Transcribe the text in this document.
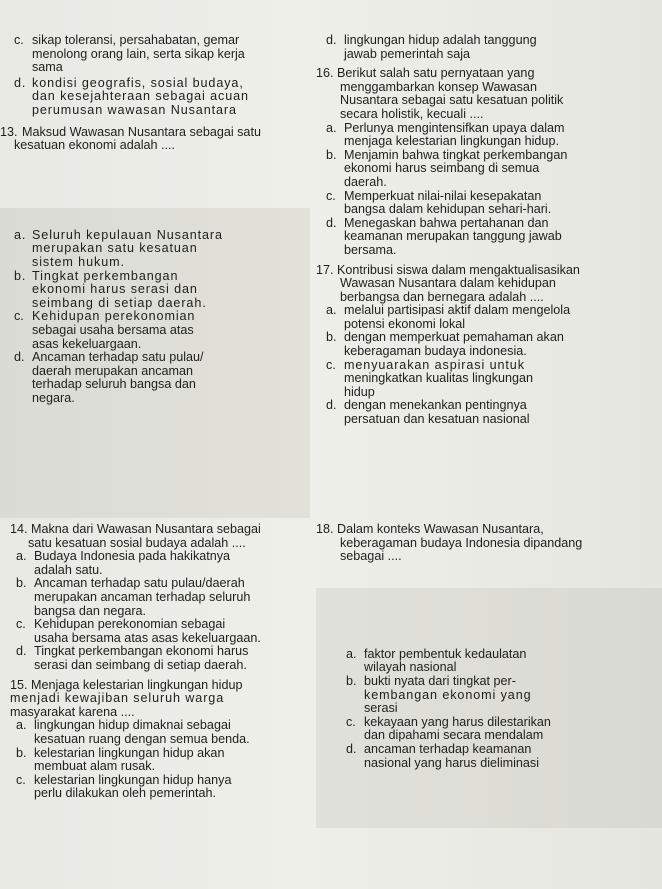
c. sikap toleransi, persahabatan, gemar
menolong orang lain, serta sikap kerja
sama
d. kondisi geografis, sosial budaya,
dan kesejahteraan sebagai acuan
perumusan wawasan Nusantara
13. Maksud Wawasan Nusantara sebagai satu
kesatuan ekonomi adalah ....
a. Seluruh kepulauan Nusantara
merupakan satu kesatuan
sistem hukum.
b. Tingkat perkembangan
ekonomi harus serasi dan
seimbang di setiap daerah.
c. Kehidupan perekonomian
sebagai usaha bersama atas
asas kekeluargaan.
d. Ancaman terhadap satu pulau/
daerah merupakan ancaman
terhadap seluruh bangsa dan
negara.
d. lingkungan hidup adalah tanggung
jawab pemerintah saja
16. Berikut salah satu pernyataan yang
menggambarkan konsep Wawasan
Nusantara sebagai satu kesatuan politik
secara holistik, kecuali ....
a. Perlunya mengintensifkan upaya dalam
menjaga kelestarian lingkungan hidup.
b. Menjamin bahwa tingkat perkembangan
ekonomi harus seimbang di semua
daerah.
c. Memperkuat nilai-nilai kesepakatan
bangsa dalam kehidupan sehari-hari.
d. Menegaskan bahwa pertahanan dan
keamanan merupakan tanggung jawab
bersama.
17. Kontribusi siswa dalam mengaktualisasikan
Wawasan Nusantara dalam kehidupan
berbangsa dan bernegara adalah ....
a. melalui partisipasi aktif dalam mengelola
potensi ekonomi lokal
b. dengan memperkuat pemahaman akan
keberagaman budaya indonesia.
c. menyuarakan aspirasi untuk
meningkatkan kualitas lingkungan
hidup
d. dengan menekankan pentingnya
persatuan dan kesatuan nasional
14. Makna dari Wawasan Nusantara sebagai
satu kesatuan sosial budaya adalah ....
a. Budaya Indonesia pada hakikatnya
adalah satu.
b. Ancaman terhadap satu pulau/daerah
merupakan ancaman terhadap seluruh
bangsa dan negara.
c. Kehidupan perekonomian sebagai
usaha bersama atas asas kekeluargaan.
d. Tingkat perkembangan ekonomi harus
serasi dan seimbang di setiap daerah.
15. Menjaga kelestarian lingkungan hidup
menjadi kewajiban seluruh warga
masyarakat karena ....
a. lingkungan hidup dimaknai sebagai
kesatuan ruang dengan semua benda.
b. kelestarian lingkungan hidup akan
membuat alam rusak.
c. kelestarian lingkungan hidup hanya
perlu dilakukan oleh pemerintah.
18. Dalam konteks Wawasan Nusantara,
keberagaman budaya Indonesia dipandang
sebagai ....
a. faktor pembentuk kedaulatan
wilayah nasional
b. bukti nyata dari tingkat per-
kembangan ekonomi yang
serasi
c. kekayaan yang harus dilestarikan
dan dipahami secara mendalam
d. ancaman terhadap keamanan
nasional yang harus dieliminasi
